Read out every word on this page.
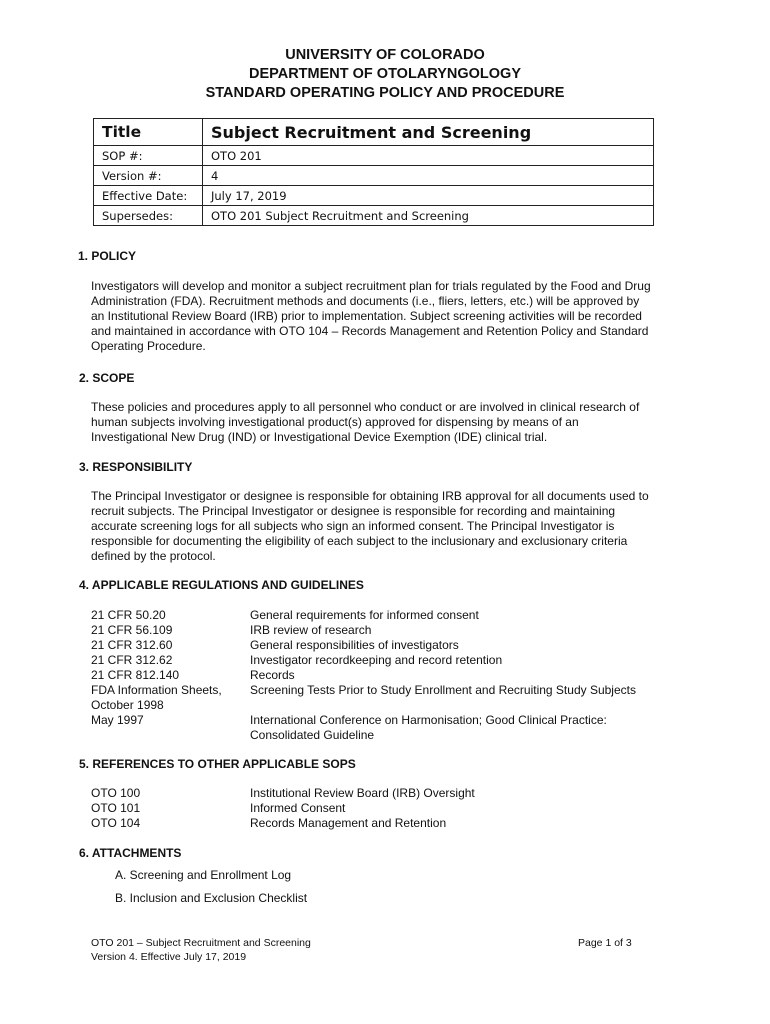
UNIVERSITY OF COLORADO
DEPARTMENT OF OTOLARYNGOLOGY
STANDARD OPERATING POLICY AND PROCEDURE
Title	Subject Recruitment and Screening
SOP #:	OTO 201
Version #:	4
Effective Date:	July 17, 2019
Supersedes:	OTO 201 Subject Recruitment and Screening
1. POLICY
Investigators will develop and monitor a subject recruitment plan for trials regulated by the Food and Drug
Administration (FDA). Recruitment methods and documents (i.e., fliers, letters, etc.) will be approved by
an Institutional Review Board (IRB) prior to implementation. Subject screening activities will be recorded
and maintained in accordance with OTO 104 – Records Management and Retention Policy and Standard
Operating Procedure.
2. SCOPE
These policies and procedures apply to all personnel who conduct or are involved in clinical research of
human subjects involving investigational product(s) approved for dispensing by means of an
Investigational New Drug (IND) or Investigational Device Exemption (IDE) clinical trial.
3. RESPONSIBILITY
The Principal Investigator or designee is responsible for obtaining IRB approval for all documents used to
recruit subjects. The Principal Investigator or designee is responsible for recording and maintaining
accurate screening logs for all subjects who sign an informed consent. The Principal Investigator is
responsible for documenting the eligibility of each subject to the inclusionary and exclusionary criteria
defined by the protocol.
4. APPLICABLE REGULATIONS AND GUIDELINES
21 CFR 50.20	General requirements for informed consent
21 CFR 56.109	IRB review of research
21 CFR 312.60	General responsibilities of investigators
21 CFR 312.62	Investigator recordkeeping and record retention
21 CFR 812.140	Records
FDA Information Sheets,	Screening Tests Prior to Study Enrollment and Recruiting Study Subjects
October 1998
May 1997	International Conference on Harmonisation; Good Clinical Practice:
Consolidated Guideline
5. REFERENCES TO OTHER APPLICABLE SOPS
OTO 100	Institutional Review Board (IRB) Oversight
OTO 101	Informed Consent
OTO 104	Records Management and Retention
6. ATTACHMENTS
A. Screening and Enrollment Log
B. Inclusion and Exclusion Checklist
OTO 201 – Subject Recruitment and Screening
Version 4. Effective July 17, 2019
Page 1 of 3
